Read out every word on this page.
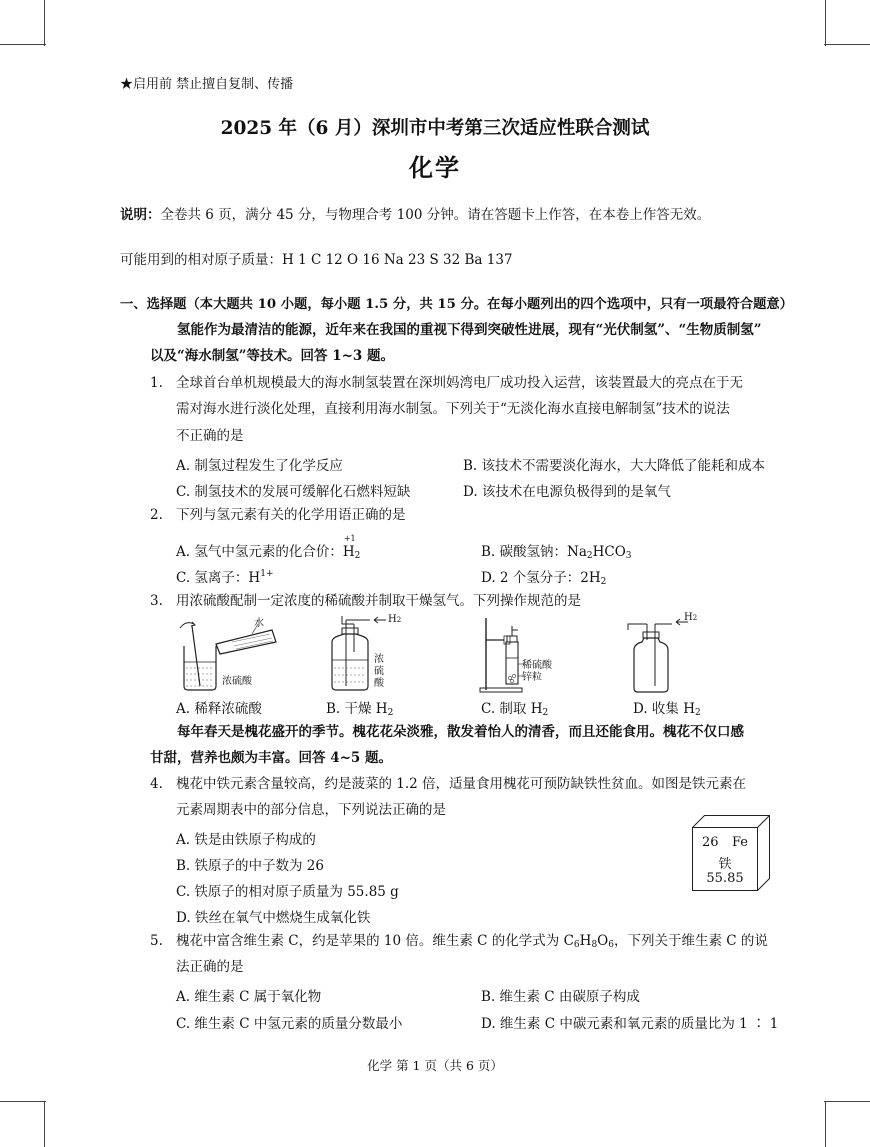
★启用前 禁止擅自复制、传播
2025 年（6 月）深圳市中考第三次适应性联合测试
化学
说明：全卷共 6 页，满分 45 分，与物理合考 100 分钟。请在答题卡上作答，在本卷上作答无效。
可能用到的相对原子质量：H 1 C 12 O 16 Na 23 S 32 Ba 137
一、选择题（本大题共 10 小题，每小题 1.5 分，共 15 分。在每小题列出的四个选项中，只有一项最符合题意）
氢能作为最清洁的能源，近年来在我国的重视下得到突破性进展，现有“光伏制氢”、“生物质制氢”
以及“海水制氢”等技术。回答 1~3 题。
1. 全球首台单机规模最大的海水制氢装置在深圳妈湾电厂成功投入运营，该装置最大的亮点在于无
需对海水进行淡化处理，直接利用海水制氢。下列关于“无淡化海水直接电解制氢”技术的说法
不正确的是
A. 制氢过程发生了化学反应	B. 该技术不需要淡化海水，大大降低了能耗和成本
C. 制氢技术的发展可缓解化石燃料短缺	D. 该技术在电源负极得到的是氧气
2. 下列与氢元素有关的化学用语正确的是
A. 氢气中氢元素的化合价：
+1
$H_2$	B. 碳酸氢钠：$Na_2HCO_3$
C. 氢离子：$H^{1+}$	D. 2 个氢分子：$2H_2$
3. 用浓硫酸配制一定浓度的稀硫酸并制取干燥氢气。下列操作规范的是
水
浓硫酸
H2
浓
硫
酸
稀硫酸
锌粒
H2
A. 稀释浓硫酸	B. 干燥 $H_2$	C. 制取 $H_2$	D. 收集 $H_2$
每年春天是槐花盛开的季节。槐花花朵淡雅，散发着怡人的清香，而且还能食用。槐花不仅口感
甘甜，营养也颇为丰富。回答 4~5 题。
4. 槐花中铁元素含量较高，约是菠菜的 1.2 倍，适量食用槐花可预防缺铁性贫血。如图是铁元素在
元素周期表中的部分信息，下列说法正确的是
A. 铁是由铁原子构成的
B. 铁原子的中子数为 26
C. 铁原子的相对原子质量为 55.85 g
D. 铁丝在氧气中燃烧生成氧化铁
26 Fe
铁
55.85
5. 槐花中富含维生素 C，约是苹果的 10 倍。维生素 C 的化学式为 $C_6H_8O_6$，下列关于维生素 C 的说
法正确的是
A. 维生素 C 属于氧化物	B. 维生素 C 由碳原子构成
C. 维生素 C 中氢元素的质量分数最小	D. 维生素 C 中碳元素和氧元素的质量比为 1 ∶ 1
化学 第 1 页（共 6 页）
